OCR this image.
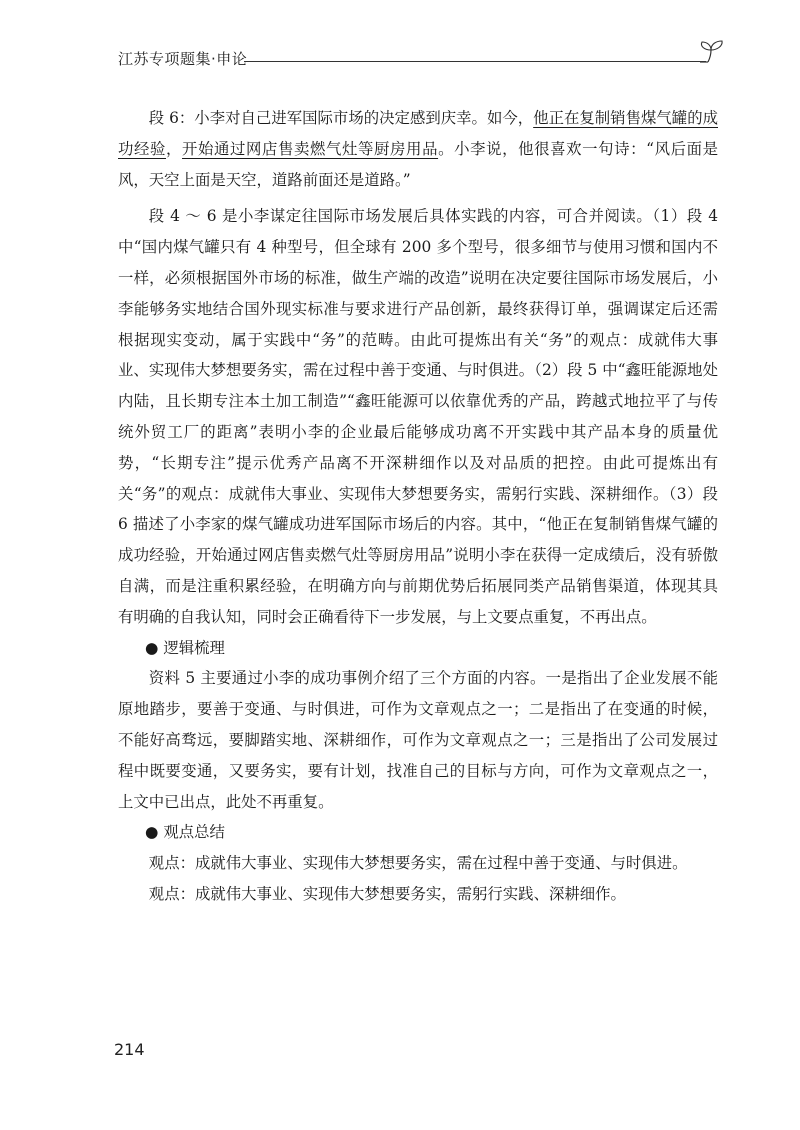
江苏专项题集·申论

段 6：小李对自己进军国际市场的决定感到庆幸。如今，他正在复制销售煤气罐的成功经验，开始通过网店售卖燃气灶等厨房用品。小李说，他很喜欢一句诗：“风后面是风，天空上面是天空，道路前面还是道路。”

段 4 ～ 6 是小李谋定往国际市场发展后具体实践的内容，可合并阅读。（1）段 4 中“国内煤气罐只有 4 种型号，但全球有 200 多个型号，很多细节与使用习惯和国内不一样，必须根据国外市场的标准，做生产端的改造”说明在决定要往国际市场发展后，小李能够务实地结合国外现实标准与要求进行产品创新，最终获得订单，强调谋定后还需根据现实变动，属于实践中“务”的范畴。由此可提炼出有关“务”的观点：成就伟大事业、实现伟大梦想要务实，需在过程中善于变通、与时俱进。（2）段 5 中“鑫旺能源地处内陆，且长期专注本土加工制造”“鑫旺能源可以依靠优秀的产品，跨越式地拉平了与传统外贸工厂的距离”表明小李的企业最后能够成功离不开实践中其产品本身的质量优势，“长期专注”提示优秀产品离不开深耕细作以及对品质的把控。由此可提炼出有关“务”的观点：成就伟大事业、实现伟大梦想要务实，需躬行实践、深耕细作。（3）段 6 描述了小李家的煤气罐成功进军国际市场后的内容。其中，“他正在复制销售煤气罐的成功经验，开始通过网店售卖燃气灶等厨房用品”说明小李在获得一定成绩后，没有骄傲自满，而是注重积累经验，在明确方向与前期优势后拓展同类产品销售渠道，体现其具有明确的自我认知，同时会正确看待下一步发展，与上文要点重复，不再出点。

● 逻辑梳理

资料 5 主要通过小李的成功事例介绍了三个方面的内容。一是指出了企业发展不能原地踏步，要善于变通、与时俱进，可作为文章观点之一；二是指出了在变通的时候，不能好高骛远，要脚踏实地、深耕细作，可作为文章观点之一；三是指出了公司发展过程中既要变通，又要务实，要有计划，找准自己的目标与方向，可作为文章观点之一，上文中已出点，此处不再重复。

● 观点总结

观点：成就伟大事业、实现伟大梦想要务实，需在过程中善于变通、与时俱进。

观点：成就伟大事业、实现伟大梦想要务实，需躬行实践、深耕细作。

214
